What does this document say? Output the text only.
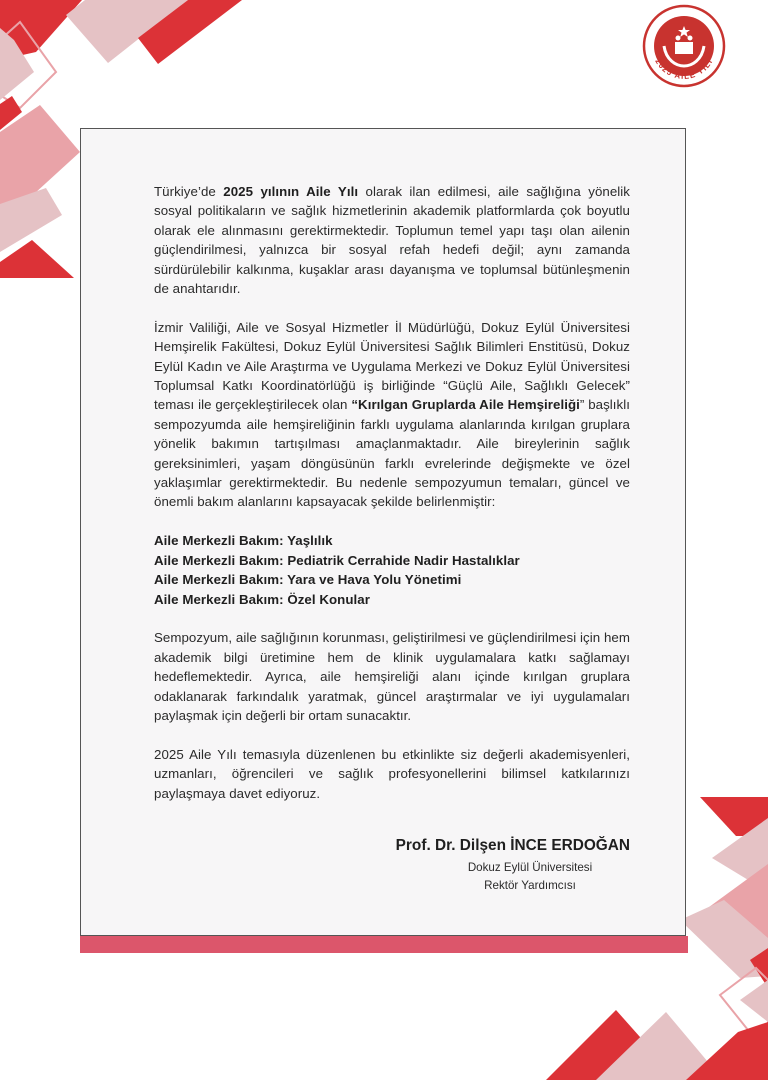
2025 AİLE YILI

Türkiye’de 2025 yılının Aile Yılı olarak ilan edilmesi, aile sağlığına yönelik sosyal politikaların ve sağlık hizmetlerinin akademik platformlarda çok boyutlu olarak ele alınmasını gerektirmektedir. Toplumun temel yapı taşı olan ailenin güçlendirilmesi, yalnızca bir sosyal refah hedefi değil; aynı zamanda sürdürülebilir kalkınma, kuşaklar arası dayanışma ve toplumsal bütünleşmenin de anahtarıdır.

İzmir Valiliği, Aile ve Sosyal Hizmetler İl Müdürlüğü, Dokuz Eylül Üniversitesi Hemşirelik Fakültesi, Dokuz Eylül Üniversitesi Sağlık Bilimleri Enstitüsü, Dokuz Eylül Kadın ve Aile Araştırma ve Uygulama Merkezi ve Dokuz Eylül Üniversitesi Toplumsal Katkı Koordinatörlüğü iş birliğinde “Güçlü Aile, Sağlıklı Gelecek” teması ile gerçekleştirilecek olan “Kırılgan Gruplarda Aile Hemşireliği” başlıklı sempozyumda aile hemşireliğinin farklı uygulama alanlarında kırılgan gruplara yönelik bakımın tartışılması amaçlanmaktadır. Aile bireylerinin sağlık gereksinimleri, yaşam döngüsünün farklı evrelerinde değişmekte ve özel yaklaşımlar gerektirmektedir. Bu nedenle sempozyumun temaları, güncel ve önemli bakım alanlarını kapsayacak şekilde belirlenmiştir:

Aile Merkezli Bakım: Yaşlılık
Aile Merkezli Bakım: Pediatrik Cerrahide Nadir Hastalıklar
Aile Merkezli Bakım: Yara ve Hava Yolu Yönetimi
Aile Merkezli Bakım: Özel Konular

Sempozyum, aile sağlığının korunması, geliştirilmesi ve güçlendirilmesi için hem akademik bilgi üretimine hem de klinik uygulamalara katkı sağlamayı hedeflemektedir. Ayrıca, aile hemşireliği alanı içinde kırılgan gruplara odaklanarak farkındalık yaratmak, güncel araştırmalar ve iyi uygulamaları paylaşmak için değerli bir ortam sunacaktır.

2025 Aile Yılı temasıyla düzenlenen bu etkinlikte siz değerli akademisyenleri, uzmanları, öğrencileri ve sağlık profesyonellerini bilimsel katkılarınızı paylaşmaya davet ediyoruz.

Prof. Dr. Dilşen İNCE ERDOĞAN
Dokuz Eylül Üniversitesi
Rektör Yardımcısı
